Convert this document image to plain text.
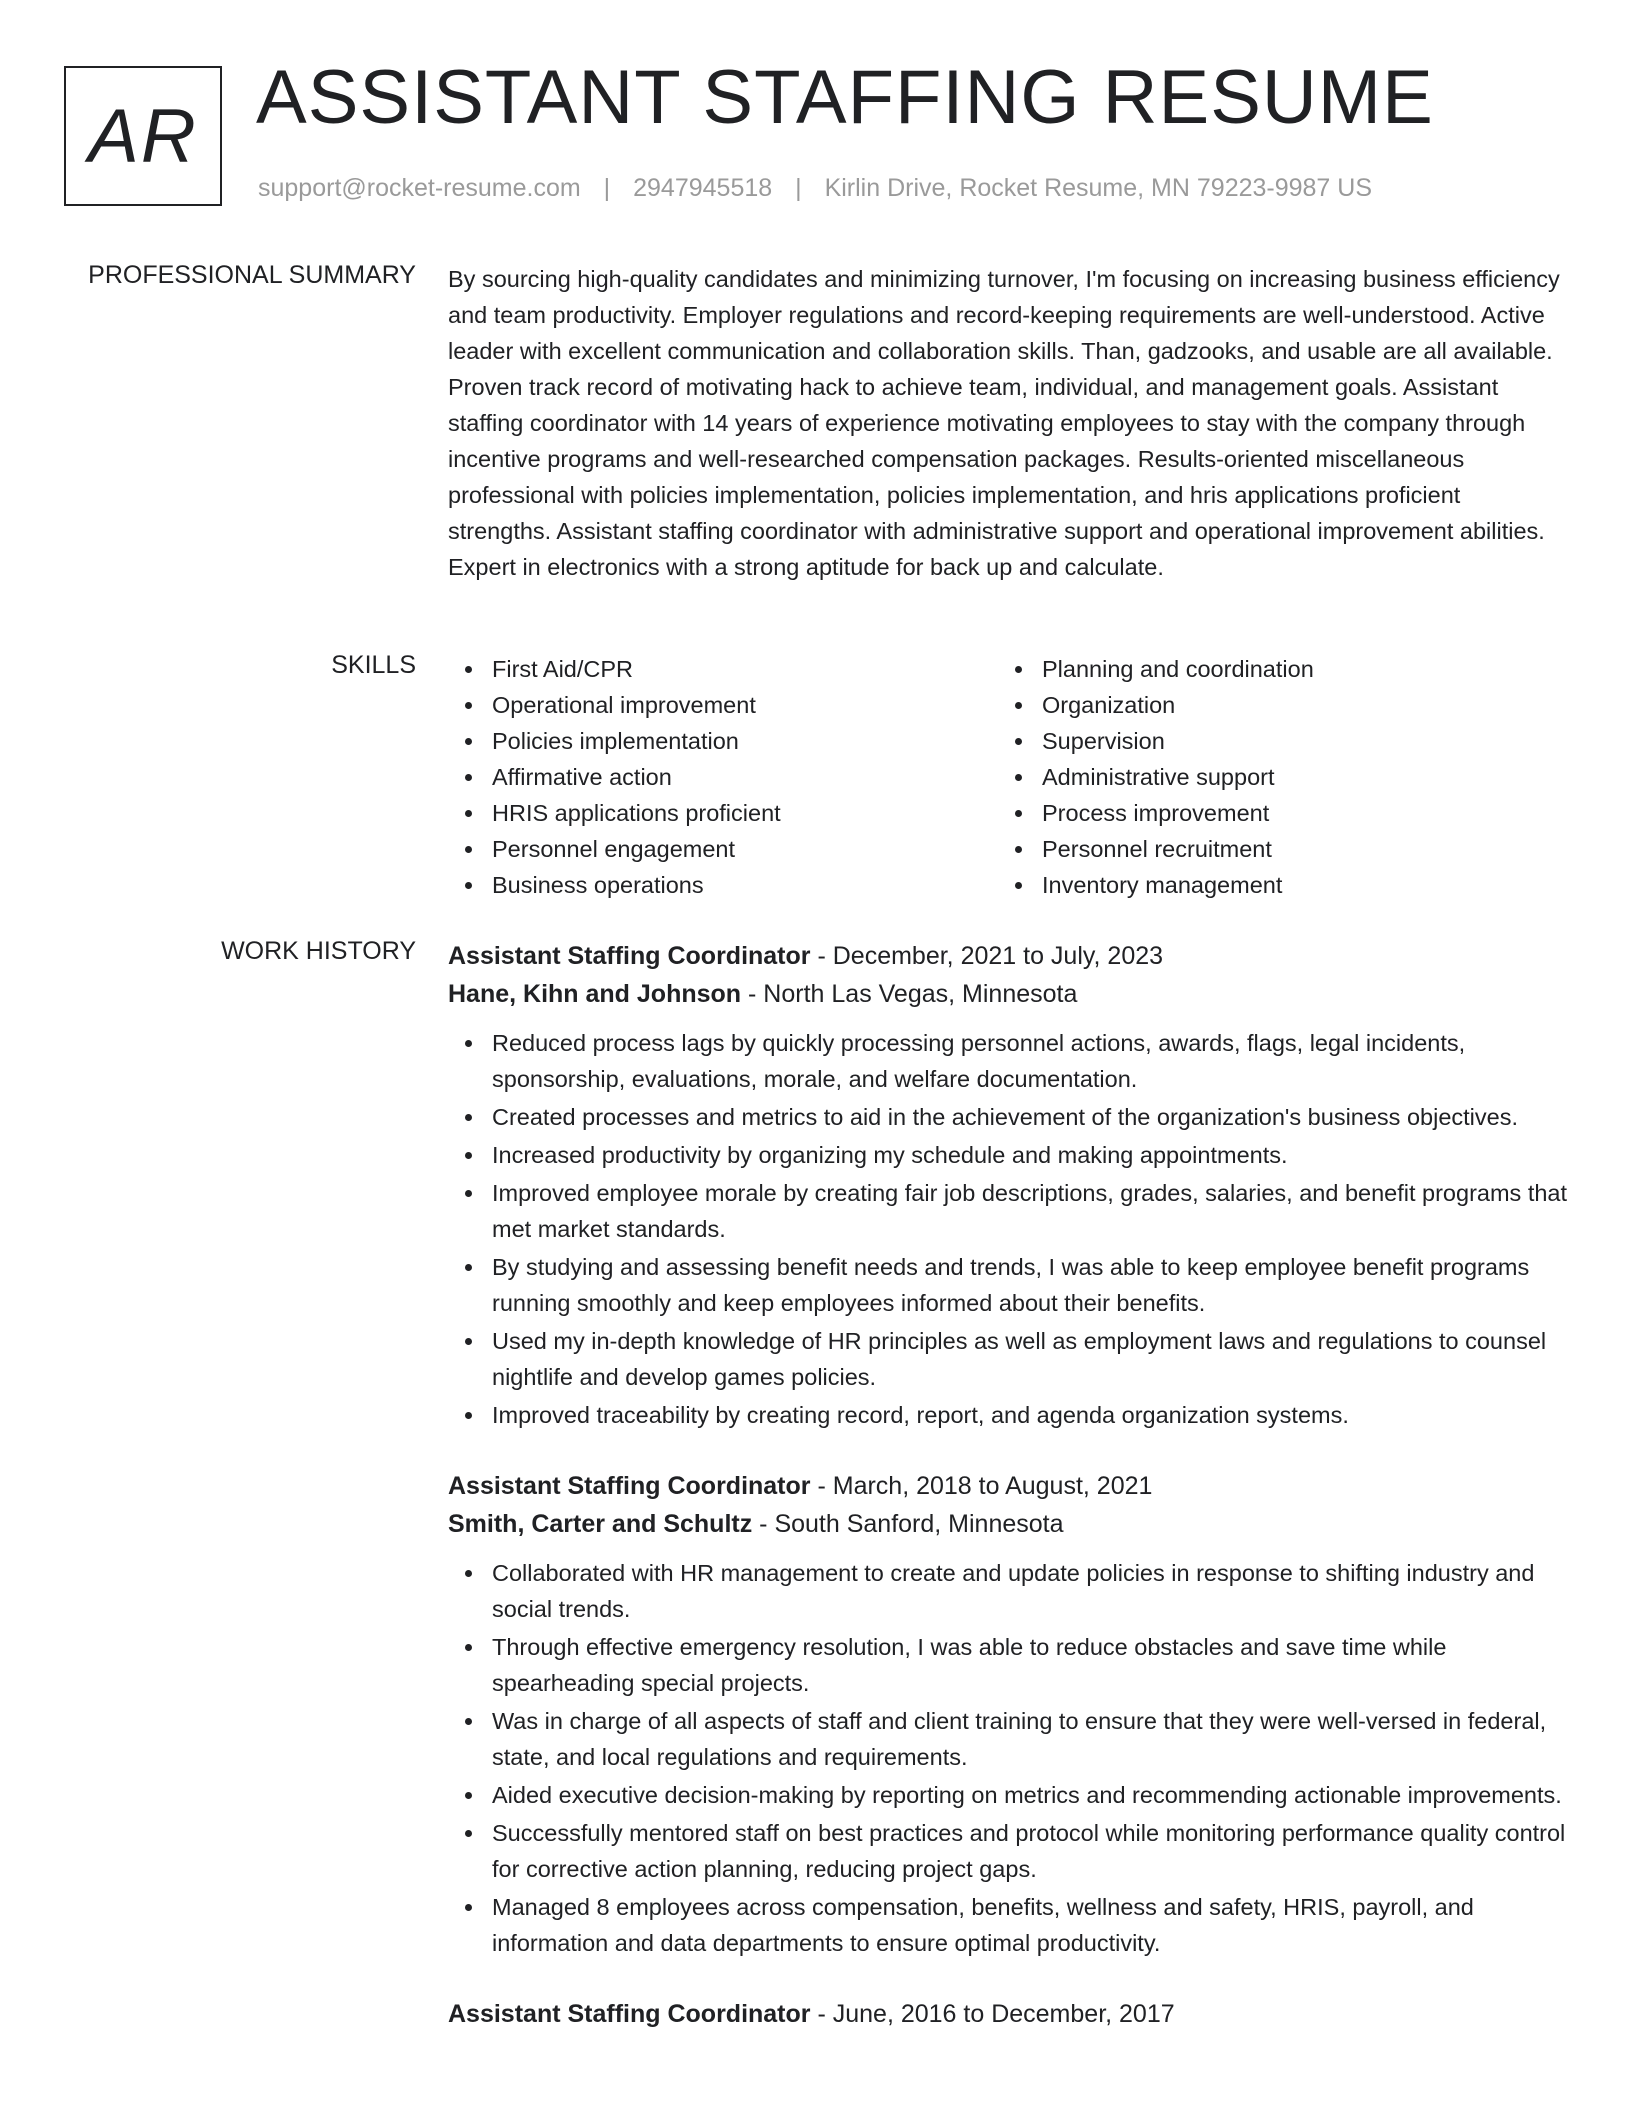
AR ASSISTANT STAFFING RESUME
support@rocket-resume.com | 2947945518 | Kirlin Drive, Rocket Resume, MN 79223-9987 US
PROFESSIONAL SUMMARY By sourcing high-quality candidates and minimizing turnover, I'm focusing on increasing business efficiency and team productivity. Employer regulations and record-keeping requirements are well-understood. Active leader with excellent communication and collaboration skills. Than, gadzooks, and usable are all available. Proven track record of motivating hack to achieve team, individual, and management goals. Assistant staffing coordinator with 14 years of experience motivating employees to stay with the company through incentive programs and well-researched compensation packages. Results-oriented miscellaneous professional with policies implementation, policies implementation, and hris applications proficient strengths. Assistant staffing coordinator with administrative support and operational improvement abilities. Expert in electronics with a strong aptitude for back up and calculate.

SKILLS	First Aid/CPR
Operational improvement
Policies implementation
Affirmative action
HRIS applications proficient
Personnel engagement
Business operations
Planning and coordination
Organization
Supervision
Administrative support
Process improvement
Personnel recruitment
Inventory management
WORK HISTORY Assistant Staffing Coordinator - December, 2021 to July, 2023
Hane, Kihn and Johnson - North Las Vegas, Minnesota
Reduced process lags by quickly processing personnel actions, awards, flags, legal incidents, sponsorship, evaluations, morale, and welfare documentation.
Created processes and metrics to aid in the achievement of the organization's business objectives.
Increased productivity by organizing my schedule and making appointments.
Improved employee morale by creating fair job descriptions, grades, salaries, and benefit programs that met market standards.
By studying and assessing benefit needs and trends, I was able to keep employee benefit programs running smoothly and keep employees informed about their benefits.
Used my in-depth knowledge of HR principles as well as employment laws and regulations to counsel nightlife and develop games policies.
Improved traceability by creating record, report, and agenda organization systems.
Assistant Staffing Coordinator - March, 2018 to August, 2021
Smith, Carter and Schultz - South Sanford, Minnesota
Collaborated with HR management to create and update policies in response to shifting industry and social trends.
Through effective emergency resolution, I was able to reduce obstacles and save time while spearheading special projects.
Was in charge of all aspects of staff and client training to ensure that they were well-versed in federal, state, and local regulations and requirements.
Aided executive decision-making by reporting on metrics and recommending actionable improvements.
Successfully mentored staff on best practices and protocol while monitoring performance quality control for corrective action planning, reducing project gaps.
Managed 8 employees across compensation, benefits, wellness and safety, HRIS, payroll, and information and data departments to ensure optimal productivity.
Assistant Staffing Coordinator - June, 2016 to December, 2017
